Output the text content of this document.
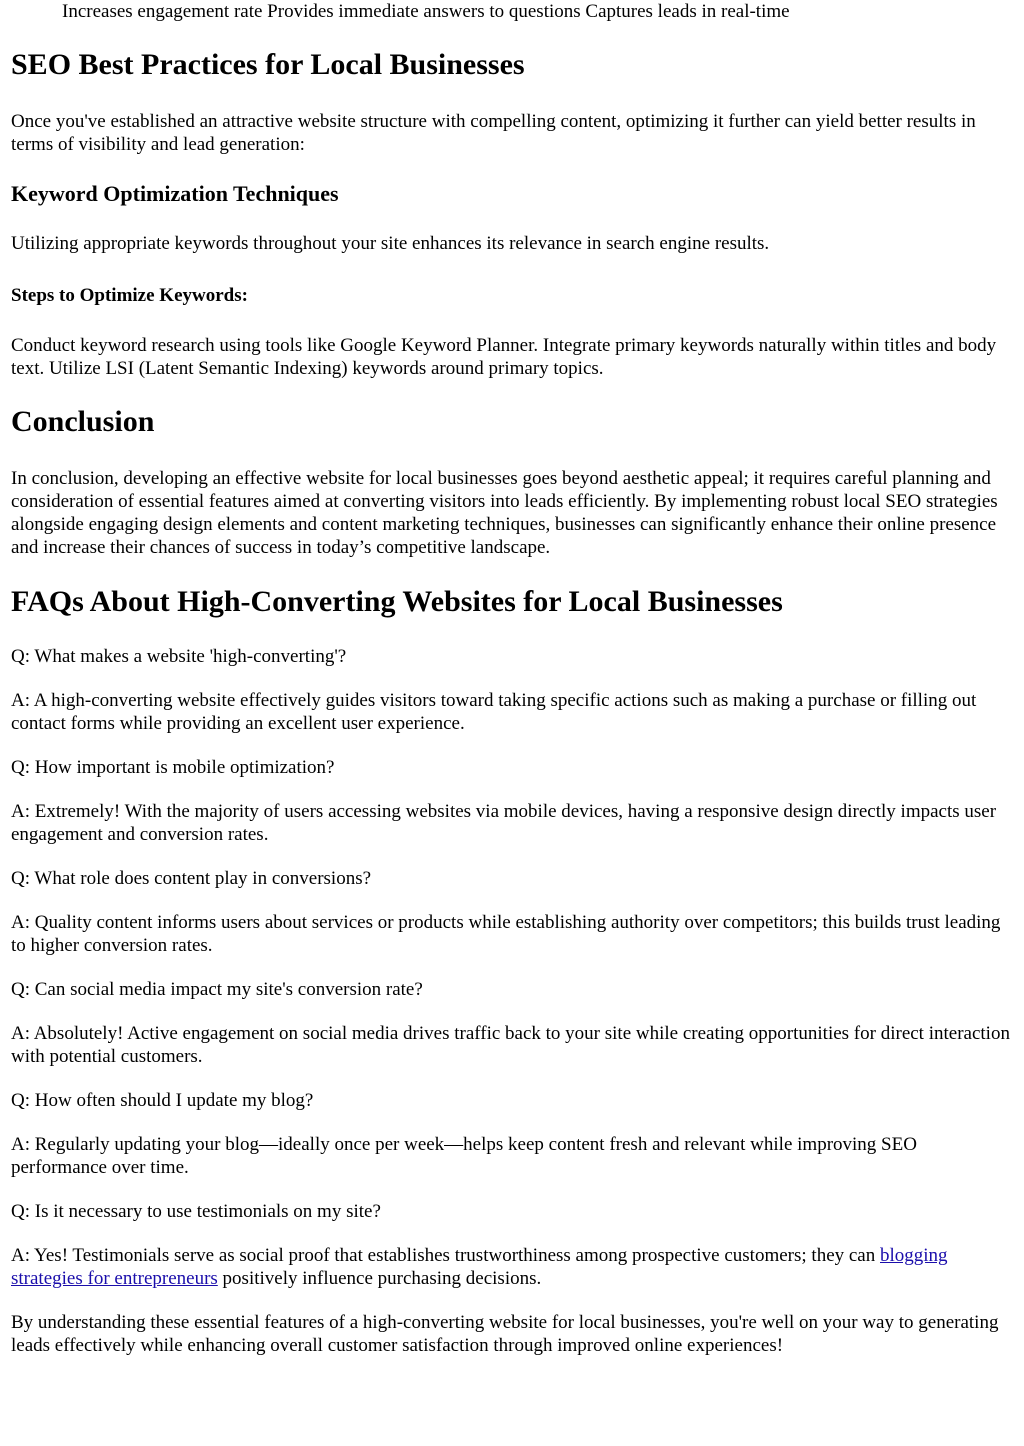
Increases engagement rate Provides immediate answers to questions Captures leads in real-time

SEO Best Practices for Local Businesses

Once you've established an attractive website structure with compelling content, optimizing it further can yield better results in terms of visibility and lead generation:

Keyword Optimization Techniques

Utilizing appropriate keywords throughout your site enhances its relevance in search engine results.

Steps to Optimize Keywords:

Conduct keyword research using tools like Google Keyword Planner. Integrate primary keywords naturally within titles and body text. Utilize LSI (Latent Semantic Indexing) keywords around primary topics.

Conclusion

In conclusion, developing an effective website for local businesses goes beyond aesthetic appeal; it requires careful planning and consideration of essential features aimed at converting visitors into leads efficiently. By implementing robust local SEO strategies alongside engaging design elements and content marketing techniques, businesses can significantly enhance their online presence and increase their chances of success in today’s competitive landscape.

FAQs About High-Converting Websites for Local Businesses

Q: What makes a website 'high-converting'?

A: A high-converting website effectively guides visitors toward taking specific actions such as making a purchase or filling out contact forms while providing an excellent user experience.

Q: How important is mobile optimization?

A: Extremely! With the majority of users accessing websites via mobile devices, having a responsive design directly impacts user engagement and conversion rates.

Q: What role does content play in conversions?

A: Quality content informs users about services or products while establishing authority over competitors; this builds trust leading to higher conversion rates.

Q: Can social media impact my site's conversion rate?

A: Absolutely! Active engagement on social media drives traffic back to your site while creating opportunities for direct interaction with potential customers.

Q: How often should I update my blog?

A: Regularly updating your blog—ideally once per week—helps keep content fresh and relevant while improving SEO performance over time.

Q: Is it necessary to use testimonials on my site?

A: Yes! Testimonials serve as social proof that establishes trustworthiness among prospective customers; they can blogging strategies for entrepreneurs positively influence purchasing decisions.

By understanding these essential features of a high-converting website for local businesses, you're well on your way to generating leads effectively while enhancing overall customer satisfaction through improved online experiences!
